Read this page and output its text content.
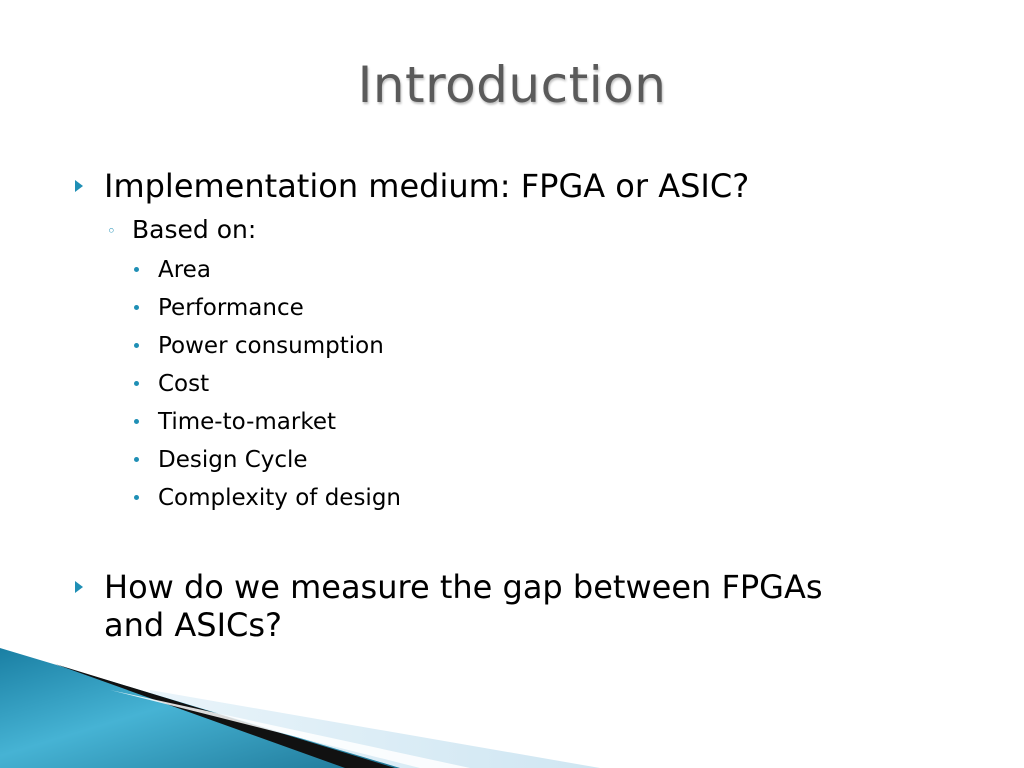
Introduction
Implementation medium: FPGA or ASIC?
◦ Based on:
Area
Performance
Power consumption
Cost
Time-to-market
Design Cycle
Complexity of design
How do we measure the gap between FPGAs
and ASICs?
